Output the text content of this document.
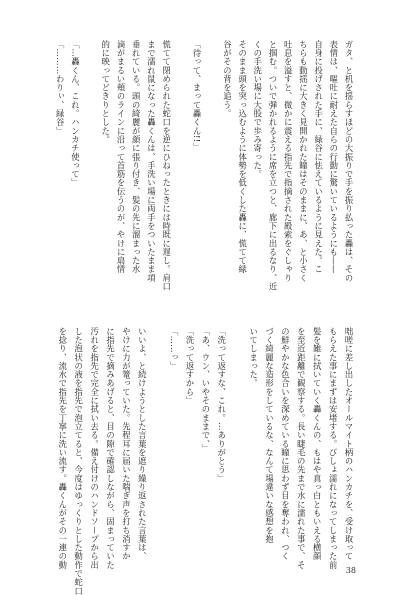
ガタ、と机を揺らすほどの大振りで手を振り払った轟は、その
表情は、嘔吐に耐えた自らの行動に驚いているようにも――
自身に投げされた手に、緑谷に怯えているように見えた。こ
ちらも動揺に大きく見開かれた瞳はそのままに、あ、と小さく
吐息を溢すと、微かに震える指先で指摘された殿索をぐしゃり
と掴む。ついで弾かれるように席を立つと、廊下に出るなり、近
くの手洗い場に大股で歩み寄った。
そのまま頭を突っ込むように体勢を低くした轟に、慌てて緑
谷がその背を追う。
「待って、まって轟くん!!」
慌てて閉められた蛇口を逆にひねったときには時既に遅し。肩口
まで濡れ鼠になった轟くんは、手洗い場に両手をついたまま項
垂れている。頭の綺麗が顔に張り付き、髪の先に溜まった水
滴がまるい頬のラインに沿って首筋を伝うのが、やけに扇情
的に映ってどきりとした。
「…轟くん、これ。ハンカチ使って」
「………わりぃ、緑谷」
咄嗟に差し出したオールマイト柄のハンカチを、受け取って
もらえた事にまずは安堵する。びしょ濡れになってしまった前
髪を雑に拭いていく轟くんの、もはや真っ白ともいえる横顔
を至近距離で観察する。長い睫毛の先まで水に濡れた事で、そ
の鮮やかな色合いを深めている瞳に思わず目を奪われ、つく
づく綺麗な造形をしているな、なんて場違いな感想を抱
いてしまった。
「洗って返すな、これ。…ありがとう」
「あ、ウン、いやそのままで、」
「洗って返すから」
「……っ」
いいよ、と続けようとした言葉を遮り繰り返された言葉は、
やけに力が篭っていた。先程耳に届いた喘ぎ声を打ち消すか
に指先で摘みあげると、目の隙で確認しながら、固まっていた
汚れを指先で完全に拭い去る。備え付けのハンドソープから出
した泡状の液を指先で泡立てると、今度はゆっくりとした動作で蛇口
を捻り、流水で指先を丁寧に洗い流す。轟くんがその一連の動
38
